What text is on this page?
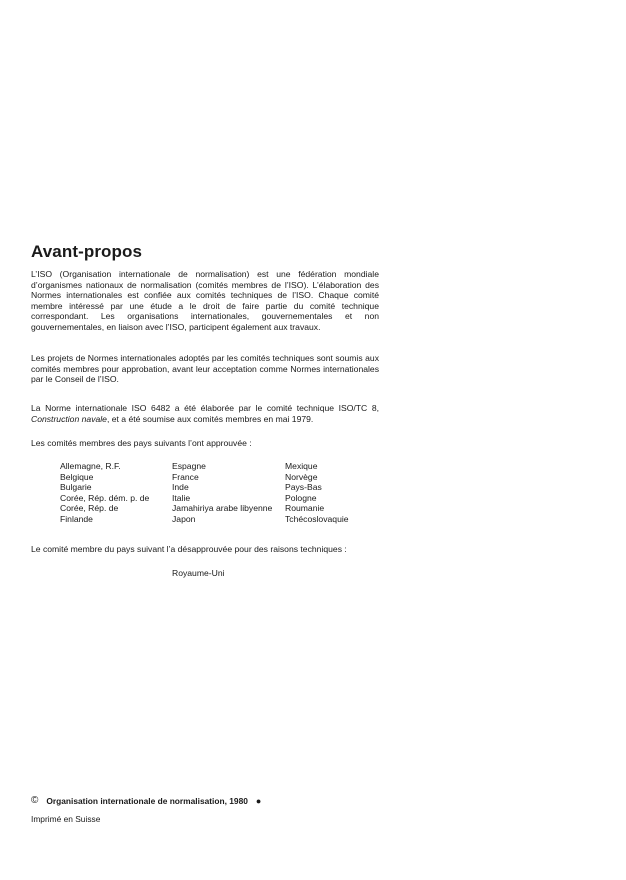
Avant-propos

L’ISO (Organisation internationale de normalisation) est une fédération mondiale d’organismes nationaux de normalisation (comités membres de l’ISO). L’élaboration des Normes internationales est confiée aux comités techniques de l’ISO. Chaque comité membre intéressé par une étude a le droit de faire partie du comité technique correspondant. Les organisations internationales, gouvernementales et non gouvernementales, en liaison avec l’ISO, participent également aux travaux.

Les projets de Normes internationales adoptés par les comités techniques sont soumis aux comités membres pour approbation, avant leur acceptation comme Normes internationales par le Conseil de l’ISO.

La Norme internationale ISO 6482 a été élaborée par le comité technique ISO/TC 8, Construction navale, et a été soumise aux comités membres en mai 1979.

Les comités membres des pays suivants l’ont approuvée :

Allemagne, R.F.
Belgique
Bulgarie
Corée, Rép. dém. p. de
Corée, Rép. de
Finlande
Espagne
France
Inde
Italie
Jamahiriya arabe libyenne
Japon
Mexique
Norvège
Pays-Bas
Pologne
Roumanie
Tchécoslovaquie

Le comité membre du pays suivant l’a désapprouvée pour des raisons techniques :

Royaume-Uni
© Organisation internationale de normalisation, 1980 ●
Imprimé en Suisse
